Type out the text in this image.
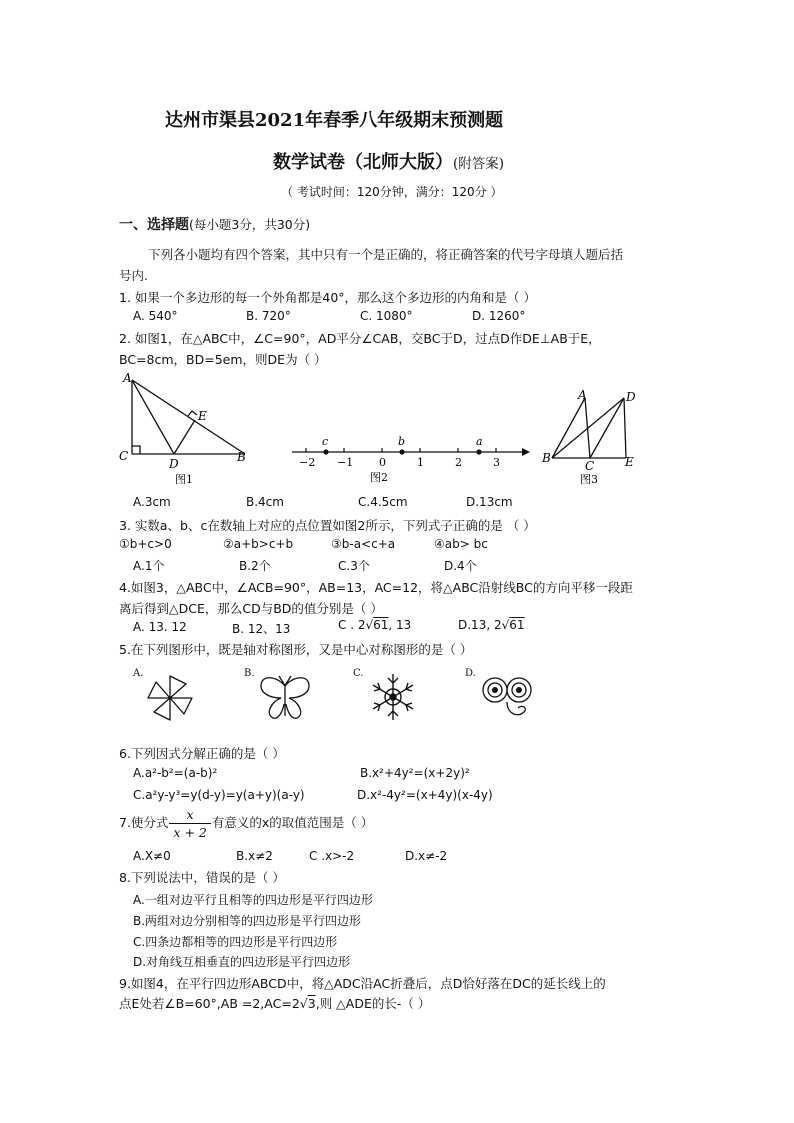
达州市渠县2021年春季八年级期末预测题
数学试卷（北师大版）(附答案)
（ 考试时间：120分钟，满分：120分 ）
一、选择题(每小题3分，共30分)
下列各小题均有四个答案，其中只有一个是正确的，将正确答案的代号字母填人题后括
号内.
1. 如果一个多边形的每一个外角都是40°，那么这个多边形的内角和是（ ）
A. 540°	B. 720°	C. 1080°	D. 1260°
2. 如图1，在△ABC中，∠C=90°，AD平分∠CAB，交BC于D，过点D作DE⊥AB于E，
BC=8cm，BD=5em，则DE为（ ）
A
C
D	B
E
图1
c	b	a
−2 −1 0	1	2	3
图2
A	D
B
C	E
图3
A.3cm	B.4cm	C.4.5cm	D.13cm
3. 实数a、b、c在数轴上对应的点位置如图2所示，下列式子正确的是 （ ）
①b+c>0	②a+b>c+b	③b-a<c+a	④ab> bc
A.1个	B.2个	C.3个	D.4个
4.如图3，△ABC中，∠ACB=90°，AB=13，AC=12，将△ABC沿射线BC的方向平移一段距
离后得到△DCE，那么CD与BD的值分别是（ ）
A. 13. 12	B. 12、13	C . 2√61, 13	D.13, 2√61
5.在下列图形中，既是轴对称图形，又是中心对称图形的是（ ）
A.	B.	C.	D.
6.下列因式分解正确的是（ ）
A.a²-b²=(a-b)²	B.x²+4y²=(x+2y)²
C.a²y-y³=y(d-y)=y(a+y)(a-y)	D.x²-4y²=(x+4y)(x-4y)
7.使分式 $\frac{x}{x + 2}$ 有意义的x的取值范围是（ ）
A.X≠0	B.x≠2	C .x>-2	D.x≠-2
8.下列说法中，错误的是（ ）
A.一组对边平行且相等的四边形是平行四边形
B.两组对边分别相等的四边形是平行四边形
C.四条边都相等的四边形是平行四边形
D.对角线互相垂直的四边形是平行四边形
9.如图4，在平行四边形ABCD中，将△ADC沿AC折叠后，点D恰好落在DC的延长线上的
点E处若∠B=60°,AB =2,AC=2√3,则 △ADE的长-（ ）
